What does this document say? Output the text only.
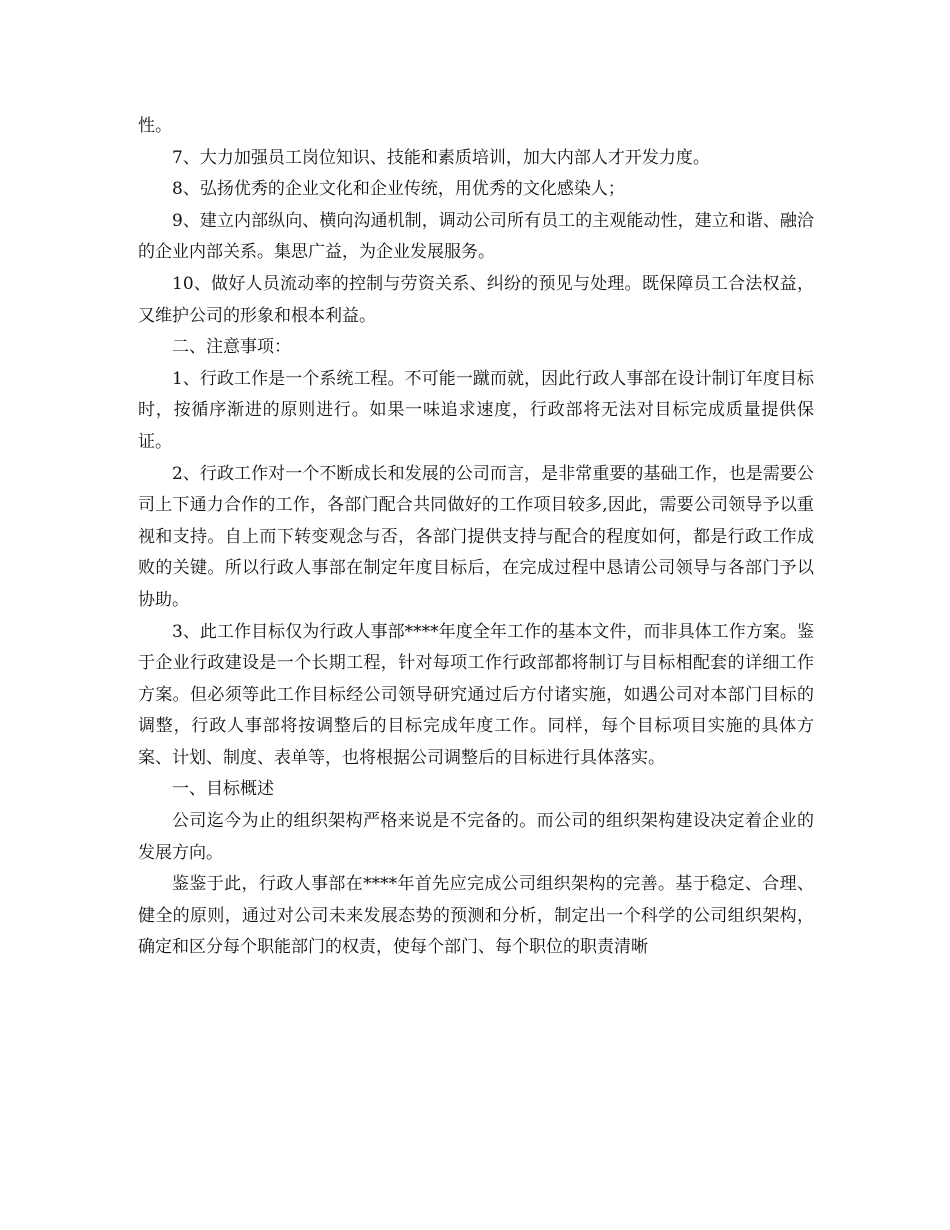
性。

7、大力加强员工岗位知识、技能和素质培训，加大内部人才开发力度。

8、弘扬优秀的企业文化和企业传统，用优秀的文化感染人；

9、建立内部纵向、横向沟通机制，调动公司所有员工的主观能动性，建立和谐、融洽的企业内部关系。集思广益，为企业发展服务。

10、做好人员流动率的控制与劳资关系、纠纷的预见与处理。既保障员工合法权益，又维护公司的形象和根本利益。

二、注意事项：

1、行政工作是一个系统工程。不可能一蹴而就，因此行政人事部在设计制订年度目标时，按循序渐进的原则进行。如果一味追求速度，行政部将无法对目标完成质量提供保证。

2、行政工作对一个不断成长和发展的公司而言，是非常重要的基础工作，也是需要公司上下通力合作的工作，各部门配合共同做好的工作项目较多,因此，需要公司领导予以重视和支持。自上而下转变观念与否，各部门提供支持与配合的程度如何，都是行政工作成败的关键。所以行政人事部在制定年度目标后，在完成过程中恳请公司领导与各部门予以协助。

3、此工作目标仅为行政人事部****年度全年工作的基本文件，而非具体工作方案。鉴于企业行政建设是一个长期工程，针对每项工作行政部都将制订与目标相配套的详细工作方案。但必须等此工作目标经公司领导研究通过后方付诸实施，如遇公司对本部门目标的调整，行政人事部将按调整后的目标完成年度工作。同样，每个目标项目实施的具体方案、计划、制度、表单等，也将根据公司调整后的目标进行具体落实。

一、目标概述

公司迄今为止的组织架构严格来说是不完备的。而公司的组织架构建设决定着企业的发展方向。

鉴鉴于此，行政人事部在****年首先应完成公司组织架构的完善。基于稳定、合理、健全的原则，通过对公司未来发展态势的预测和分析，制定出一个科学的公司组织架构，确定和区分每个职能部门的权责，使每个部门、每个职位的职责清晰
